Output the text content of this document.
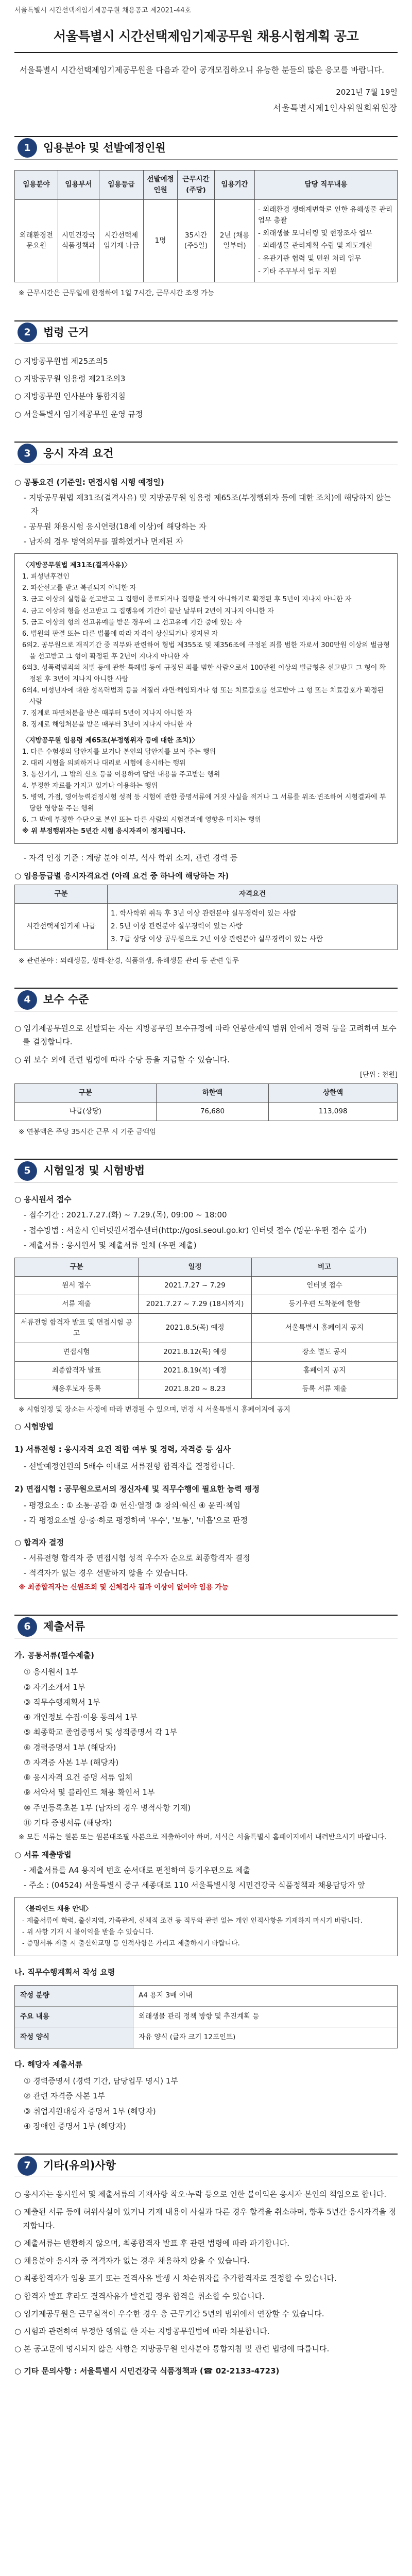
서울특별시 시간선택제임기제공무원 채용공고 제2021-44호
서울특별시 시간선택제임기제공무원 채용시험계획 공고

서울특별시 시간선택제임기제공무원을 다음과 같이 공개모집하오니 유능한 분들의 많은 응모를 바랍니다.

2021년 7월 19일
서울특별시제1인사위원회위원장
1	임용분야 및 선발예정인원
임용분야	임용부서	임용등급	선발예정인원	근무시간(주당)	임용기간	담당 직무내용
외래환경전문요원	시민건강국 식품정책과	시간선택제임기제 나급	1명	35시간 (주5일)	2년 (채용일부터)	- 외래환경 생태계변화로 인한 유해생물 관리업무 총괄
- 외래생물 모니터링 및 현장조사 업무
- 외래생물 관리계획 수립 및 제도개선
- 유관기관 협력 및 민원 처리 업무
- 기타 주무부서 업무 지원
※ 근무시간은 근무일에 한정하여 1일 7시간, 근무시간 조정 가능
2	법령 근거
○ 지방공무원법 제25조의5
○ 지방공무원 임용령 제21조의3
○ 지방공무원 인사분야 통합지침
○ 서울특별시 임기제공무원 운영 규정
3	응시 자격 요건
○ 공통요건 (기준일: 면접시험 시행 예정일)
- 지방공무원법 제31조(결격사유) 및 지방공무원 임용령 제65조(부정행위자 등에 대한 조치)에 해당하지 않는 자
- 공무원 채용시험 응시연령(18세 이상)에 해당하는 자
- 남자의 경우 병역의무를 필하였거나 면제된 자
〈지방공무원법 제31조(결격사유)〉
1. 피성년후견인
2. 파산선고를 받고 복권되지 아니한 자
3. 금고 이상의 실형을 선고받고 그 집행이 종료되거나 집행을 받지 아니하기로 확정된 후 5년이 지나지 아니한 자
4. 금고 이상의 형을 선고받고 그 집행유예 기간이 끝난 날부터 2년이 지나지 아니한 자
5. 금고 이상의 형의 선고유예를 받은 경우에 그 선고유예 기간 중에 있는 자
6. 법원의 판결 또는 다른 법률에 따라 자격이 상실되거나 정지된 자
6의2. 공무원으로 재직기간 중 직무와 관련하여 형법 제355조 및 제356조에 규정된 죄를 범한 자로서 300만원 이상의 벌금형을 선고받고 그 형이 확정된 후 2년이 지나지 아니한 자
6의3. 성폭력범죄의 처벌 등에 관한 특례법 등에 규정된 죄를 범한 사람으로서 100만원 이상의 벌금형을 선고받고 그 형이 확정된 후 3년이 지나지 아니한 사람
6의4. 미성년자에 대한 성폭력범죄 등을 저질러 파면·해임되거나 형 또는 치료감호를 선고받아 그 형 또는 치료감호가 확정된 사람
7. 징계로 파면처분을 받은 때부터 5년이 지나지 아니한 자
8. 징계로 해임처분을 받은 때부터 3년이 지나지 아니한 자
〈지방공무원 임용령 제65조(부정행위자 등에 대한 조치)〉
1. 다른 수험생의 답안지를 보거나 본인의 답안지를 보여 주는 행위
2. 대리 시험을 의뢰하거나 대리로 시험에 응시하는 행위
3. 통신기기, 그 밖의 신호 등을 이용하여 답안 내용을 주고받는 행위
4. 부정한 자료를 가지고 있거나 이용하는 행위
5. 병역, 가점, 영어능력검정시험 성적 등 시험에 관한 증명서류에 거짓 사실을 적거나 그 서류를 위조·변조하여 시험결과에 부당한 영향을 주는 행위
6. 그 밖에 부정한 수단으로 본인 또는 다른 사람의 시험결과에 영향을 미치는 행위
※ 위 부정행위자는 5년간 시험 응시자격이 정지됩니다.
- 자격 인정 기준 : 계량 분야 여부, 석사 학위 소지, 관련 경력 등
○ 임용등급별 응시자격요건 (아래 요건 중 하나에 해당하는 자)
구분	자격요건
시간선택제임기제 나급	1. 학사학위 취득 후 3년 이상 관련분야 실무경력이 있는 사람
2. 5년 이상 관련분야 실무경력이 있는 사람
3. 7급 상당 이상 공무원으로 2년 이상 관련분야 실무경력이 있는 사람
※ 관련분야 : 외래생물, 생태·환경, 식품위생, 유해생물 관리 등 관련 업무
4	보수 수준
○ 임기제공무원으로 선발되는 자는 지방공무원 보수규정에 따라 연봉한계액 범위 안에서 경력 등을 고려하여 보수를 결정합니다.
○ 위 보수 외에 관련 법령에 따라 수당 등을 지급할 수 있습니다.
[단위 : 천원]
구분	하한액	상한액
나급(상당)	76,680	113,098
※ 연봉액은 주당 35시간 근무 시 기준 금액임
5	시험일정 및 시험방법
○ 응시원서 접수
- 접수기간 : 2021.7.27.(화) ~ 7.29.(목), 09:00 ~ 18:00
- 접수방법 : 서울시 인터넷원서접수센터(http://gosi.seoul.go.kr) 인터넷 접수 (방문·우편 접수 불가)
- 제출서류 : 응시원서 및 제출서류 일체 (우편 제출)
구분	일정	비고
원서 접수	2021.7.27 ~ 7.29	인터넷 접수
서류 제출	2021.7.27 ~ 7.29 (18시까지)	등기우편 도착분에 한함
서류전형 합격자 발표 및 면접시험 공고	2021.8.5(목) 예정	서울특별시 홈페이지 공지
면접시험	2021.8.12(목) 예정	장소 별도 공지
최종합격자 발표	2021.8.19(목) 예정	홈페이지 공지
채용후보자 등록	2021.8.20 ~ 8.23	등록 서류 제출
※ 시험일정 및 장소는 사정에 따라 변경될 수 있으며, 변경 시 서울특별시 홈페이지에 공지
○ 시험방법
1) 서류전형 : 응시자격 요건 적합 여부 및 경력, 자격증 등 심사
- 선발예정인원의 5배수 이내로 서류전형 합격자를 결정합니다.
2) 면접시험 : 공무원으로서의 정신자세 및 직무수행에 필요한 능력 평정
- 평정요소 : ① 소통·공감 ② 헌신·열정 ③ 창의·혁신 ④ 윤리·책임
- 각 평정요소별 상·중·하로 평정하여 '우수', '보통', '미흡'으로 판정
○ 합격자 결정
- 서류전형 합격자 중 면접시험 성적 우수자 순으로 최종합격자 결정
- 적격자가 없는 경우 선발하지 않을 수 있습니다.
※ 최종합격자는 신원조회 및 신체검사 결과 이상이 없어야 임용 가능
6	제출서류
가. 공통서류(필수제출)
① 응시원서 1부
② 자기소개서 1부
③ 직무수행계획서 1부
④ 개인정보 수집·이용 동의서 1부
⑤ 최종학교 졸업증명서 및 성적증명서 각 1부
⑥ 경력증명서 1부 (해당자)
⑦ 자격증 사본 1부 (해당자)
⑧ 응시자격 요건 증명 서류 일체
⑨ 서약서 및 블라인드 채용 확인서 1부
⑩ 주민등록초본 1부 (남자의 경우 병적사항 기재)
⑪ 기타 증빙서류 (해당자)
※ 모든 서류는 원본 또는 원본대조필 사본으로 제출하여야 하며, 서식은 서울특별시 홈페이지에서 내려받으시기 바랍니다.
○ 서류 제출방법
- 제출서류를 A4 용지에 번호 순서대로 편철하여 등기우편으로 제출
- 주소 : (04524) 서울특별시 중구 세종대로 110 서울특별시청 시민건강국 식품정책과 채용담당자 앞
〈블라인드 채용 안내〉
- 제출서류에 학력, 출신지역, 가족관계, 신체적 조건 등 직무와 관련 없는 개인 인적사항을 기재하지 마시기 바랍니다.
- 위 사항 기재 시 불이익을 받을 수 있습니다.
- 증명서류 제출 시 출신학교명 등 인적사항은 가리고 제출하시기 바랍니다.
나. 직무수행계획서 작성 요령
작성 분량	A4 용지 3매 이내
주요 내용	외래생물 관리 정책 방향 및 추진계획 등
작성 양식	자유 양식 (글자 크기 12포인트)
다. 해당자 제출서류
① 경력증명서 (경력 기간, 담당업무 명시) 1부
② 관련 자격증 사본 1부
③ 취업지원대상자 증명서 1부 (해당자)
④ 장애인 증명서 1부 (해당자)
7	기타(유의)사항
○ 응시자는 응시원서 및 제출서류의 기재사항 착오·누락 등으로 인한 불이익은 응시자 본인의 책임으로 합니다.
○ 제출된 서류 등에 허위사실이 있거나 기재 내용이 사실과 다른 경우 합격을 취소하며, 향후 5년간 응시자격을 정지합니다.
○ 제출서류는 반환하지 않으며, 최종합격자 발표 후 관련 법령에 따라 파기합니다.
○ 채용분야 응시자 중 적격자가 없는 경우 채용하지 않을 수 있습니다.
○ 최종합격자가 임용 포기 또는 결격사유 발생 시 차순위자를 추가합격자로 결정할 수 있습니다.
○ 합격자 발표 후라도 결격사유가 발견될 경우 합격을 취소할 수 있습니다.
○ 임기제공무원은 근무실적이 우수한 경우 총 근무기간 5년의 범위에서 연장할 수 있습니다.
○ 시험과 관련하여 부정한 행위를 한 자는 지방공무원법에 따라 처분합니다.
○ 본 공고문에 명시되지 않은 사항은 지방공무원 인사분야 통합지침 및 관련 법령에 따릅니다.
○ 기타 문의사항 : 서울특별시 시민건강국 식품정책과 (☎ 02-2133-4723)
